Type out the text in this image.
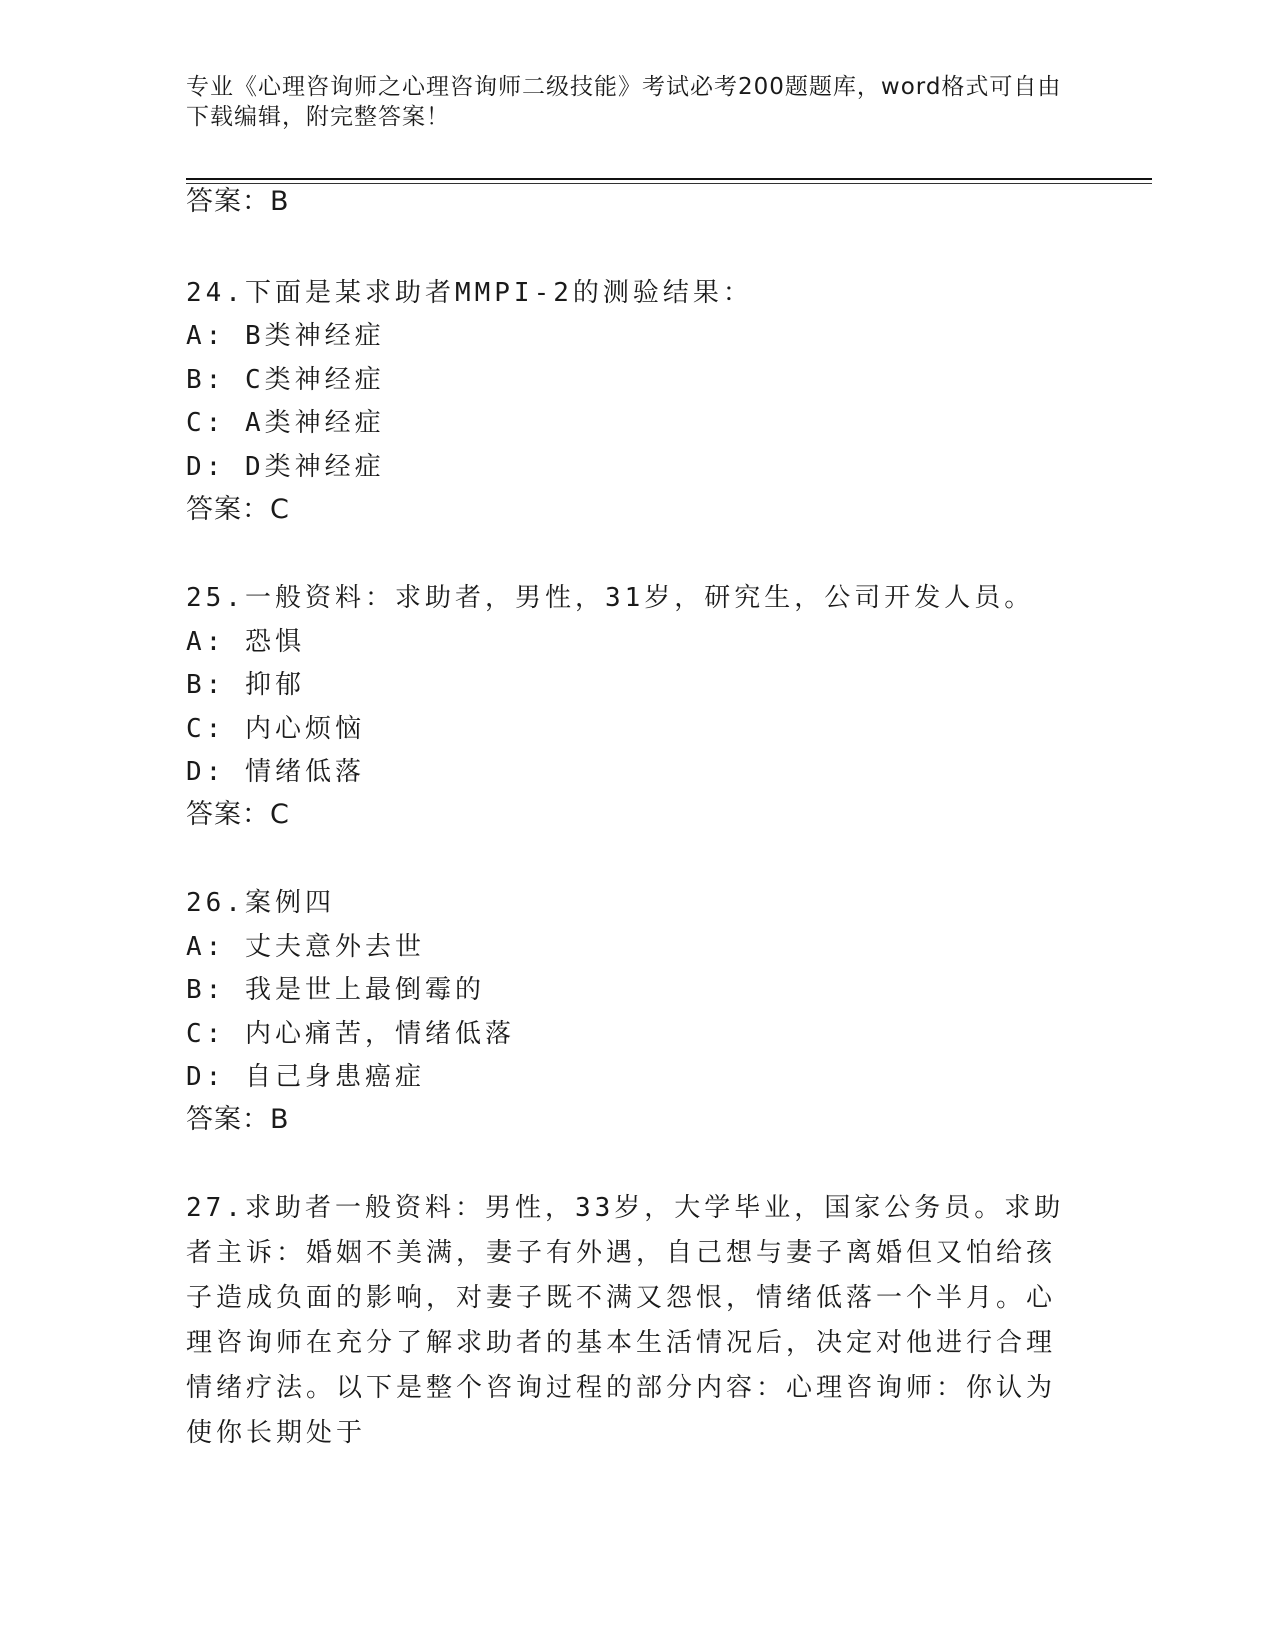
专业《心理咨询师之心理咨询师二级技能》考试必考200题题库，word格式可自由下载编辑，附完整答案！
答案：B
24.下面是某求助者MMPI-2的测验结果：
A: B类神经症
B: C类神经症
C: A类神经症
D: D类神经症
答案：C
25.一般资料：求助者，男性，31岁，研究生，公司开发人员。
A: 恐惧
B: 抑郁
C: 内心烦恼
D: 情绪低落
答案：C
26.案例四
A: 丈夫意外去世
B: 我是世上最倒霉的
C: 内心痛苦，情绪低落
D: 自己身患癌症
答案：B
27.求助者一般资料：男性，33岁，大学毕业，国家公务员。求助者主诉：婚姻不美满，妻子有外遇，自己想与妻子离婚但又怕给孩子造成负面的影响，对妻子既不满又怨恨，情绪低落一个半月。心理咨询师在充分了解求助者的基本生活情况后，决定对他进行合理情绪疗法。以下是整个咨询过程的部分内容：心理咨询师：你认为使你长期处于
